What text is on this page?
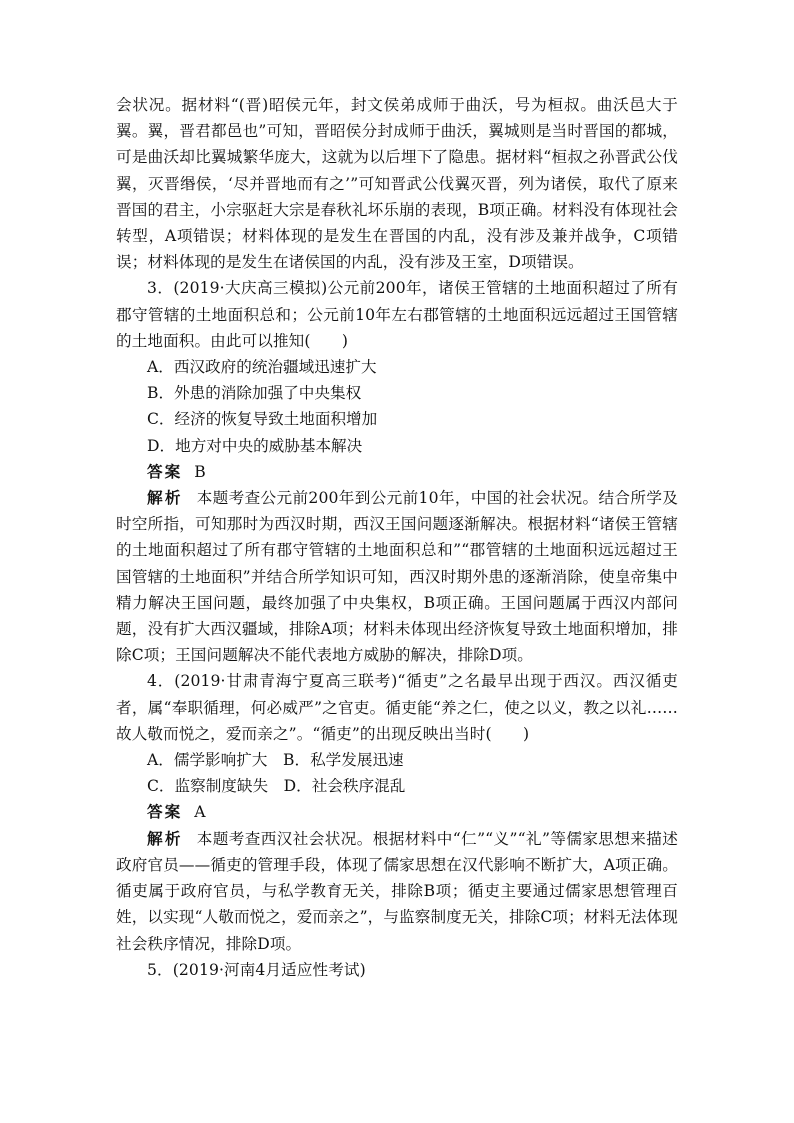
会状况。据材料“(晋)昭侯元年，封文侯弟成师于曲沃，号为桓叔。曲沃邑大于翼。翼，晋君都邑也”可知，晋昭侯分封成师于曲沃，翼城则是当时晋国的都城，可是曲沃却比翼城繁华庞大，这就为以后埋下了隐患。据材料“桓叔之孙晋武公伐翼，灭晋缗侯，‘尽并晋地而有之’”可知晋武公伐翼灭晋，列为诸侯，取代了原来晋国的君主，小宗驱赶大宗是春秋礼坏乐崩的表现，B项正确。材料没有体现社会转型，A项错误；材料体现的是发生在晋国的内乱，没有涉及兼并战争，C项错误；材料体现的是发生在诸侯国的内乱，没有涉及王室，D项错误。

3．(2019·大庆高三模拟)公元前200年，诸侯王管辖的土地面积超过了所有郡守管辖的土地面积总和；公元前10年左右郡管辖的土地面积远远超过王国管辖的土地面积。由此可以推知(　　)

A．西汉政府的统治疆域迅速扩大

B．外患的消除加强了中央集权

C．经济的恢复导致土地面积增加

D．地方对中央的威胁基本解决

答案 B

解析 本题考查公元前200年到公元前10年，中国的社会状况。结合所学及时空所指，可知那时为西汉时期，西汉王国问题逐渐解决。根据材料“诸侯王管辖的土地面积超过了所有郡守管辖的土地面积总和”“郡管辖的土地面积远远超过王国管辖的土地面积”并结合所学知识可知，西汉时期外患的逐渐消除，使皇帝集中精力解决王国问题，最终加强了中央集权，B项正确。王国问题属于西汉内部问题，没有扩大西汉疆域，排除A项；材料未体现出经济恢复导致土地面积增加，排除C项；王国问题解决不能代表地方威胁的解决，排除D项。

4．(2019·甘肃青海宁夏高三联考)“循吏”之名最早出现于西汉。西汉循吏者，属“奉职循理，何必威严”之官吏。循吏能“养之仁，使之以义，教之以礼……故人敬而悦之，爱而亲之”。“循吏”的出现反映出当时(　　)

A．儒学影响扩大　B．私学发展迅速

C．监察制度缺失　D．社会秩序混乱

答案 A

解析 本题考查西汉社会状况。根据材料中“仁”“义”“礼”等儒家思想来描述政府官员——循吏的管理手段，体现了儒家思想在汉代影响不断扩大，A项正确。循吏属于政府官员，与私学教育无关，排除B项；循吏主要通过儒家思想管理百姓，以实现“人敬而悦之，爱而亲之”，与监察制度无关，排除C项；材料无法体现社会秩序情况，排除D项。

5．(2019·河南4月适应性考试)
